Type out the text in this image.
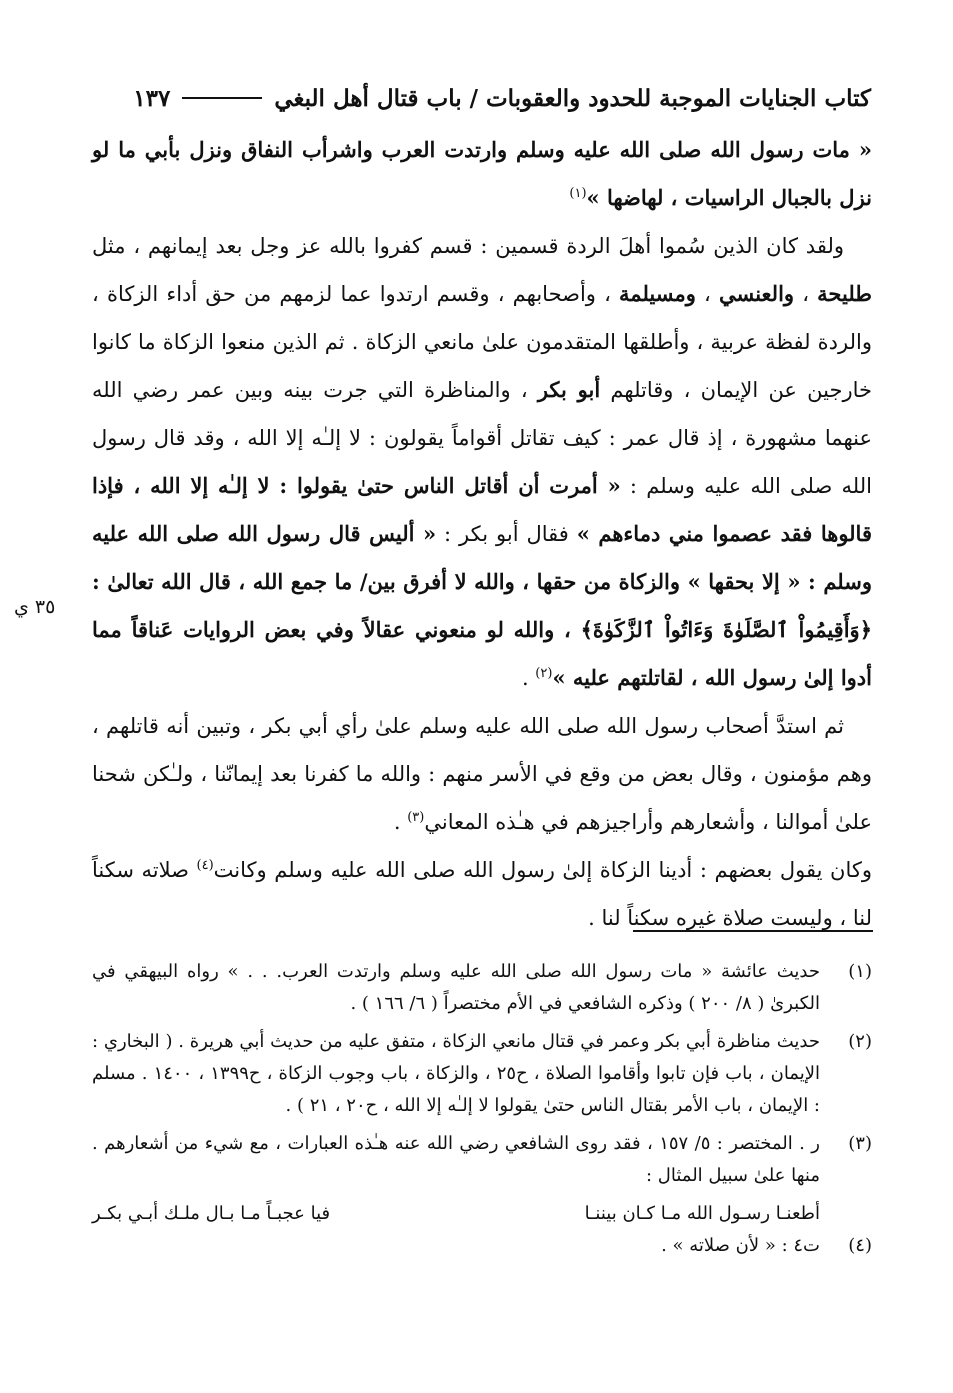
كتاب الجنايات الموجبة للحدود والعقوبات / باب قتال أهل البغي
١٣٧

« مات رسول الله صلى الله عليه وسلم وارتدت العرب واشرأب النفاق ونزل بأبي ما لو نزل بالجبال الراسيات ، لهاضها »$^{(١)}$

ولقد كان الذين سُموا أهلَ الردة قسمين : قسم كفروا بالله عز وجل بعد إيمانهم ، مثل طليحة ، والعنسي ، ومسيلمة ، وأصحابهم ، وقسم ارتدوا عما لزمهم من حق أداء الزكاة ، والردة لفظة عربية ، وأطلقها المتقدمون علىٰ مانعي الزكاة . ثم الذين منعوا الزكاة ما كانوا خارجين عن الإيمان ، وقاتلهم أبو بكر ، والمناظرة التي جرت بينه وبين عمر رضي الله عنهما مشهورة ، إذ قال عمر : كيف تقاتل أقواماً يقولون : لا إلـٰه إلا الله ، وقد قال رسول الله صلى الله عليه وسلم : « أمرت أن أقاتل الناس حتىٰ يقولوا : لا إلـٰه إلا الله ، فإذا قالوها فقد عصموا مني دماءهم » فقال أبو بكر : « أليس قال رسول الله صلى الله عليه وسلم : « إلا بحقها » والزكاة من حقها ، والله لا أفرق بين/ ما جمع الله ، قال الله تعالىٰ : ﴿وَأَقِيمُواْ ٱلصَّلَوٰةَ وَءَاتُواْ ٱلزَّكَوٰةَ﴾ ، والله لو منعوني عقالاً وفي بعض الروايات عَناقاً مما أدوا إلىٰ رسول الله ، لقاتلتهم عليه »$^{(٢)}$ .

ثم استدَّ أصحاب رسول الله صلى الله عليه وسلم علىٰ رأي أبي بكر ، وتبين أنه قاتلهم ، وهم مؤمنون ، وقال بعض من وقع في الأسر منهم : والله ما كفرنا بعد إيمانّنا ، ولـٰكن شحنا علىٰ أموالنا ، وأشعارهم وأراجيزهم في هـٰذه المعاني$^{(٣)}$ .

وكان يقول بعضهم : أدينا الزكاة إلىٰ رسول الله صلى الله عليه وسلم وكانت$^{(٤)}$ صلاته سكناً لنا ، وليست صلاة غيره سكناً لنا .

٣٥ ي
(١)
حديث عائشة « مات رسول الله صلى الله عليه وسلم وارتدت العرب. . . » رواه البيهقي في الكبرىٰ ( ٨/ ٢٠٠ ) وذكره الشافعي في الأم مختصراً ( ٦/ ١٦٦ ) .
(٢)
حديث مناظرة أبي بكر وعمر في قتال مانعي الزكاة ، متفق عليه من حديث أبي هريرة . ( البخاري : الإيمان ، باب فإن تابوا وأقاموا الصلاة ، ح٢٥ ، والزكاة ، باب وجوب الزكاة ، ح١٣٩٩ ، ١٤٠٠ . مسلم : الإيمان ، باب الأمر بقتال الناس حتىٰ يقولوا لا إلـٰه إلا الله ، ح٢٠ ، ٢١ ) .
(٣)
ر . المختصر : ٥/ ١٥٧ ، فقد روى الشافعي رضي الله عنه هـٰذه العبارات ، مع شيء من أشعارهم . منها علىٰ سبيل المثال :
أطعنـا رسـول الله مـا كـان بيننـا
فيا عجبـاً مـا بـال ملـك أبـي بكـر
(٤)
ت٤ : « لأن صلاته » .
